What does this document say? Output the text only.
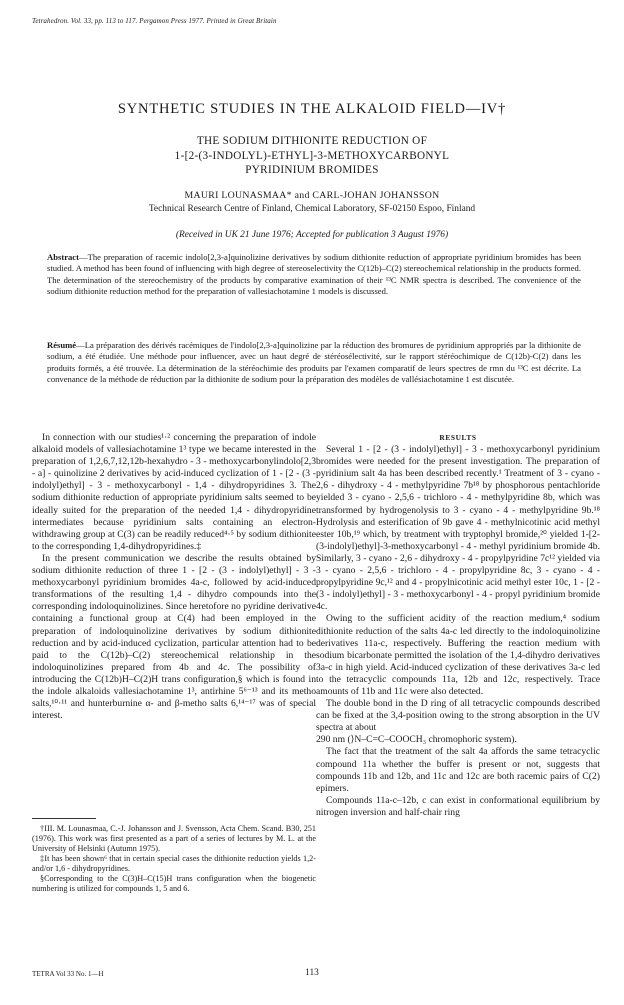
Tetrahedron. Vol. 33, pp. 113 to 117. Pergamon Press 1977. Printed in Great Britain
SYNTHETIC STUDIES IN THE ALKALOID FIELD—IV†
THE SODIUM DITHIONITE REDUCTION OF
1-[2-(3-INDOLYL)-ETHYL]-3-METHOXYCARBONYL
PYRIDINIUM BROMIDES
MAURI LOUNASMAA* and CARL-JOHAN JOHANSSON
Technical Research Centre of Finland, Chemical Laboratory, SF-02150 Espoo, Finland
(Received in UK 21 June 1976; Accepted for publication 3 August 1976)
Abstract—The preparation of racemic indolo[2,3-a]quinolizine derivatives by sodium dithionite reduction of appropriate pyridinium bromides has been studied. A method has been found of influencing with high degree of stereoselectivity the C(12b)–C(2) stereochemical relationship in the products formed. The determination of the stereochemistry of the products by comparative examination of their ¹³C NMR spectra is described. The convenience of the sodium dithionite reduction method for the preparation of vallesiachotamine 1 models is discussed.
Résumé—La préparation des dérivés racémiques de l'indolo[2,3-a]quinolizine par la réduction des bromures de pyridinium appropriés par la dithionite de sodium, a été étudiée. Une méthode pour influencer, avec un haut degré de stéréosélectivité, sur le rapport stéréochimique de C(12b)-C(2) dans les produits formés, a été trouvée. La détermination de la stéréochimie des produits par l'examen comparatif de leurs spectres de rmn du ¹³C est décrite. La convenance de la méthode de réduction par la dithionite de sodium pour la préparation des modèles de vallésiachotamine 1 est discutée.

In connection with our studies¹·² concerning the preparation of indole alkaloid models of vallesiachotamine 1³ type we became interested in the preparation of 1,2,6,7,12,12b-hexahydro - 3 - methoxycarbonylindolo[2,3 - a] - quinolizine 2 derivatives by acid-induced cyclization of 1 - [2 - (3 - indolyl)ethyl] - 3 - methoxycarbonyl - 1,4 - dihydropyridines 3. The sodium dithionite reduction of appropriate pyridinium salts seemed to be ideally suited for the preparation of the needed 1,4 - dihydropyridine intermediates because pyridinium salts containing an electron-withdrawing group at C(3) can be readily reduced⁴·⁵ by sodium dithionite to the corresponding 1,4-dihydropyridines.‡

In the present communication we describe the results obtained by sodium dithionite reduction of three 1 - [2 - (3 - indolyl)ethyl] - 3 - methoxycarbonyl pyridinium bromides 4a-c, followed by acid-induced transformations of the resulting 1,4 - dihydro compounds into the corresponding indoloquinolizines. Since heretofore no pyridine derivative containing a functional group at C(4) had been employed in the preparation of indoloquinolizine derivatives by sodium dithionite reduction and by acid-induced cyclization, particular attention had to be paid to the C(12b)–C(2) stereochemical relationship in the indoloquinolizines prepared from 4b and 4c. The possibility of introducing the C(12b)H–C(2)H trans configuration,§ which is found in the indole alkaloids vallesiachotamine 1³, antirhine 5⁶⁻¹³ and its metho salts,¹⁰·¹¹ and hunterburnine α- and β-metho salts 6,¹⁴⁻¹⁷ was of special interest.

†III. M. Lounasmaa, C.-J. Johansson and J. Svensson, Acta Chem. Scand. B30, 251 (1976). This work was first presented as a part of a series of lectures by M. L. at the University of Helsinki (Autumn 1975).

‡It has been shown⁶ that in certain special cases the dithionite reduction yields 1,2- and/or 1,6 - dihydropyridines.

§Corresponding to the C(3)H–C(15)H trans configuration when the biogenetic numbering is utilized for compounds 1, 5 and 6.

RESULTS

Several 1 - [2 - (3 - indolyl)ethyl] - 3 - methoxycarbonyl pyridinium bromides were needed for the present investigation. The preparation of pyridinium salt 4a has been described recently.¹ Treatment of 3 - cyano - 2,6 - dihydroxy - 4 - methylpyridine 7b¹⁸ by phosphorous pentachloride yielded 3 - cyano - 2,5,6 - trichloro - 4 - methylpyridine 8b, which was transformed by hydrogenolysis to 3 - cyano - 4 - methylpyridine 9b.¹⁸ Hydrolysis and esterification of 9b gave 4 - methylnicotinic acid methyl ester 10b,¹⁹ which, by treatment with tryptophyl bromide,²⁰ yielded 1-[2-(3-indolyl)ethyl]-3-methoxycarbonyl - 4 - methyl pyridinium bromide 4b. Similarly, 3 - cyano - 2,6 - dihydroxy - 4 - propylpyridine 7c¹² yielded via 3 - cyano - 2,5,6 - trichloro - 4 - propylpyridine 8c, 3 - cyano - 4 - propylpyridine 9c,¹² and 4 - propylnicotinic acid methyl ester 10c, 1 - [2 - (3 - indolyl)ethyl] - 3 - methoxycarbonyl - 4 - propyl pyridinium bromide 4c.

Owing to the sufficient acidity of the reaction medium,⁴ sodium dithionite reduction of the salts 4a-c led directly to the indoloquinolizine derivatives 11a-c, respectively. Buffering the reaction medium with sodium bicarbonate permitted the isolation of the 1,4-dihydro derivatives 3a-c in high yield. Acid-induced cyclization of these derivatives 3a-c led to the tetracyclic compounds 11a, 12b and 12c, respectively. Trace amounts of 11b and 11c were also detected.

The double bond in the D ring of all tetracyclic compounds described can be fixed at the 3,4-position owing to the strong absorption in the UV spectra at about

290 nm (⟩N–C=C–COOCH₃ chromophoric system).

The fact that the treatment of the salt 4a affords the same tetracyclic compound 11a whether the buffer is present or not, suggests that compounds 11b and 12b, and 11c and 12c are both racemic pairs of C(2) epimers.

Compounds 11a-c–12b, c can exist in conformational equilibrium by nitrogen inversion and half-chair ring

TETRA Vol 33 No. 1—H	113
